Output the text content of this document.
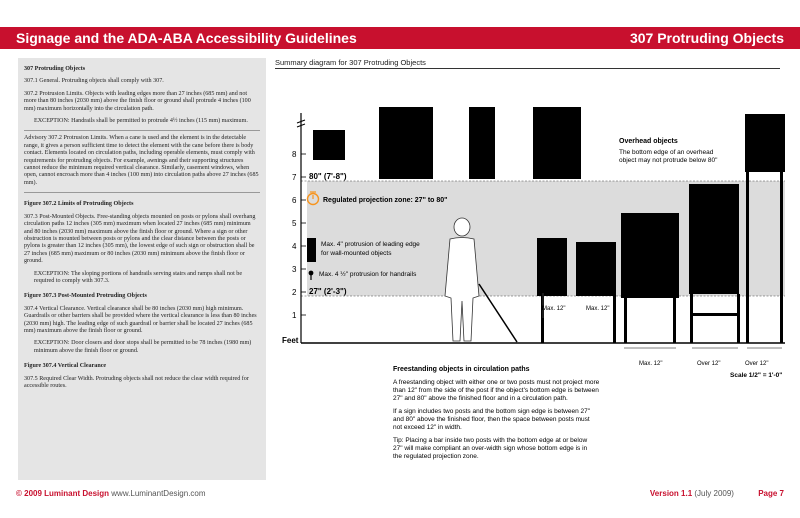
Signage and the ADA-ABA Accessibility Guidelines	307 Protruding Objects

307 Protruding Objects

307.1 General. Protruding objects shall comply with 307.

307.2 Protrusion Limits. Objects with leading edges more than 27 inches (685 mm) and not more than 80 inches (2030 mm) above the finish floor or ground shall protrude 4 inches (100 mm) maximum horizontally into the circulation path.

EXCEPTION: Handrails shall be permitted to protrude 4½ inches (115 mm) maximum.

Advisory 307.2 Protrusion Limits. When a cane is used and the element is in the detectable range, it gives a person sufficient time to detect the element with the cane before there is body contact. Elements located on circulation paths, including operable elements, must comply with requirements for protruding objects. For example, awnings and their supporting structures cannot reduce the minimum required vertical clearance. Similarly, casement windows, when open, cannot encroach more than 4 inches (100 mm) into circulation paths above 27 inches (685 mm).

Figure 307.2 Limits of Protruding Objects

307.3 Post-Mounted Objects. Free-standing objects mounted on posts or pylons shall overhang circulation paths 12 inches (305 mm) maximum when located 27 inches (685 mm) minimum and 80 inches (2030 mm) maximum above the finish floor or ground. Where a sign or other obstruction is mounted between posts or pylons and the clear distance between the posts or pylons is greater than 12 inches (305 mm), the lowest edge of such sign or obstruction shall be 27 inches (685 mm) maximum or 80 inches (2030 mm) minimum above the finish floor or ground.

EXCEPTION: The sloping portions of handrails serving stairs and ramps shall not be required to comply with 307.3.

Figure 307.3 Post-Mounted Protruding Objects

307.4 Vertical Clearance. Vertical clearance shall be 80 inches (2030 mm) high minimum. Guardrails or other barriers shall be provided where the vertical clearance is less than 80 inches (2030 mm) high. The leading edge of such guardrail or barrier shall be located 27 inches (685 mm) maximum above the finish floor or ground.

EXCEPTION: Door closers and door stops shall be permitted to be 78 inches (1980 mm) minimum above the finish floor or ground.

Figure 307.4 Vertical Clearance

307.5 Required Clear Width. Protruding objects shall not reduce the clear width required for accessible routes.

Summary diagram for 307 Protruding Objects
8
7
6
5
4
3
2
1
Feet
80" (7'-8")
27" (2'-3")
Overhead objects
The bottom edge of an overhead
object may not protrude below 80"
Regulated projection zone: 27" to 80"
Max. 4" protrusion of leading edge
for wall-mounted objects
Max. 4 ½" protrusion for handrails
Max. 12"	Max. 12"
Max. 12"	Over 12"	Over 12"
Scale 1/2" = 1'-0"
Freestanding objects in circulation paths
A freestanding object with either one or two posts must not project more
than 12" from the side of the post if the object's bottom edge is between
27" and 80" above the finished floor and in a circulation path.
If a sign includes two posts and the bottom sign edge is between 27"
and 80" above the finished floor, then the space between posts must
not exceed 12" in width.
Tip: Placing a bar inside two posts with the bottom edge at or below
27" will make compliant an over-width sign whose bottom edge is in
the regulated projection zone.
© 2009 Luminant Design www.LuminantDesign.com	Version 1.1 (July 2009)	Page 7
